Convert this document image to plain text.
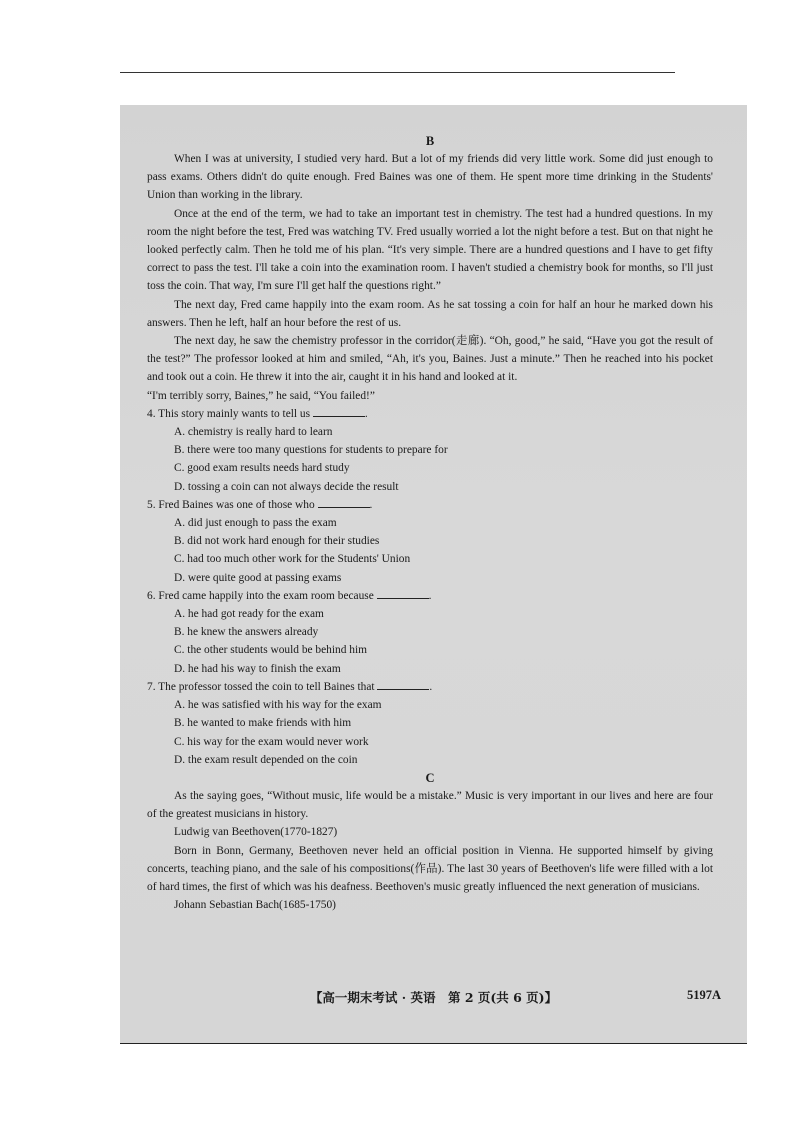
B

When I was at university, I studied very hard. But a lot of my friends did very little work. Some did just enough to pass exams. Others didn't do quite enough. Fred Baines was one of them. He spent more time drinking in the Students' Union than working in the library.

Once at the end of the term, we had to take an important test in chemistry. The test had a hundred questions. In my room the night before the test, Fred was watching TV. Fred usually worried a lot the night before a test. But on that night he looked perfectly calm. Then he told me of his plan. “It's very simple. There are a hundred questions and I have to get fifty correct to pass the test. I'll take a coin into the examination room. I haven't studied a chemistry book for months, so I'll just toss the coin. That way, I'm sure I'll get half the questions right.”

The next day, Fred came happily into the exam room. As he sat tossing a coin for half an hour he marked down his answers. Then he left, half an hour before the rest of us.

The next day, he saw the chemistry professor in the corridor(走廊). “Oh, good,” he said, “Have you got the result of the test?” The professor looked at him and smiled, “Ah, it's you, Baines. Just a minute.” Then he reached into his pocket and took out a coin. He threw it into the air, caught it in his hand and looked at it.

“I'm terribly sorry, Baines,” he said, “You failed!”

4. This story mainly wants to tell us	.

A. chemistry is really hard to learn

B. there were too many questions for students to prepare for

C. good exam results needs hard study

D. tossing a coin can not always decide the result

5. Fred Baines was one of those who	.

A. did just enough to pass the exam

B. did not work hard enough for their studies

C. had too much other work for the Students' Union

D. were quite good at passing exams

6. Fred came happily into the exam room because	.

A. he had got ready for the exam

B. he knew the answers already

C. the other students would be behind him

D. he had his way to finish the exam

7. The professor tossed the coin to tell Baines that	.

A. he was satisfied with his way for the exam

B. he wanted to make friends with him

C. his way for the exam would never work

D. the exam result depended on the coin

C

As the saying goes, “Without music, life would be a mistake.” Music is very important in our lives and here are four of the greatest musicians in history.

Ludwig van Beethoven(1770-1827)

Born in Bonn, Germany, Beethoven never held an official position in Vienna. He supported himself by giving concerts, teaching piano, and the sale of his compositions(作品). The last 30 years of Beethoven's life were filled with a lot of hard times, the first of which was his deafness. Beethoven's music greatly influenced the next generation of musicians.

Johann Sebastian Bach(1685-1750)

【高一期末考试 · 英语　第 2 页(共 6 页)】	5197A
